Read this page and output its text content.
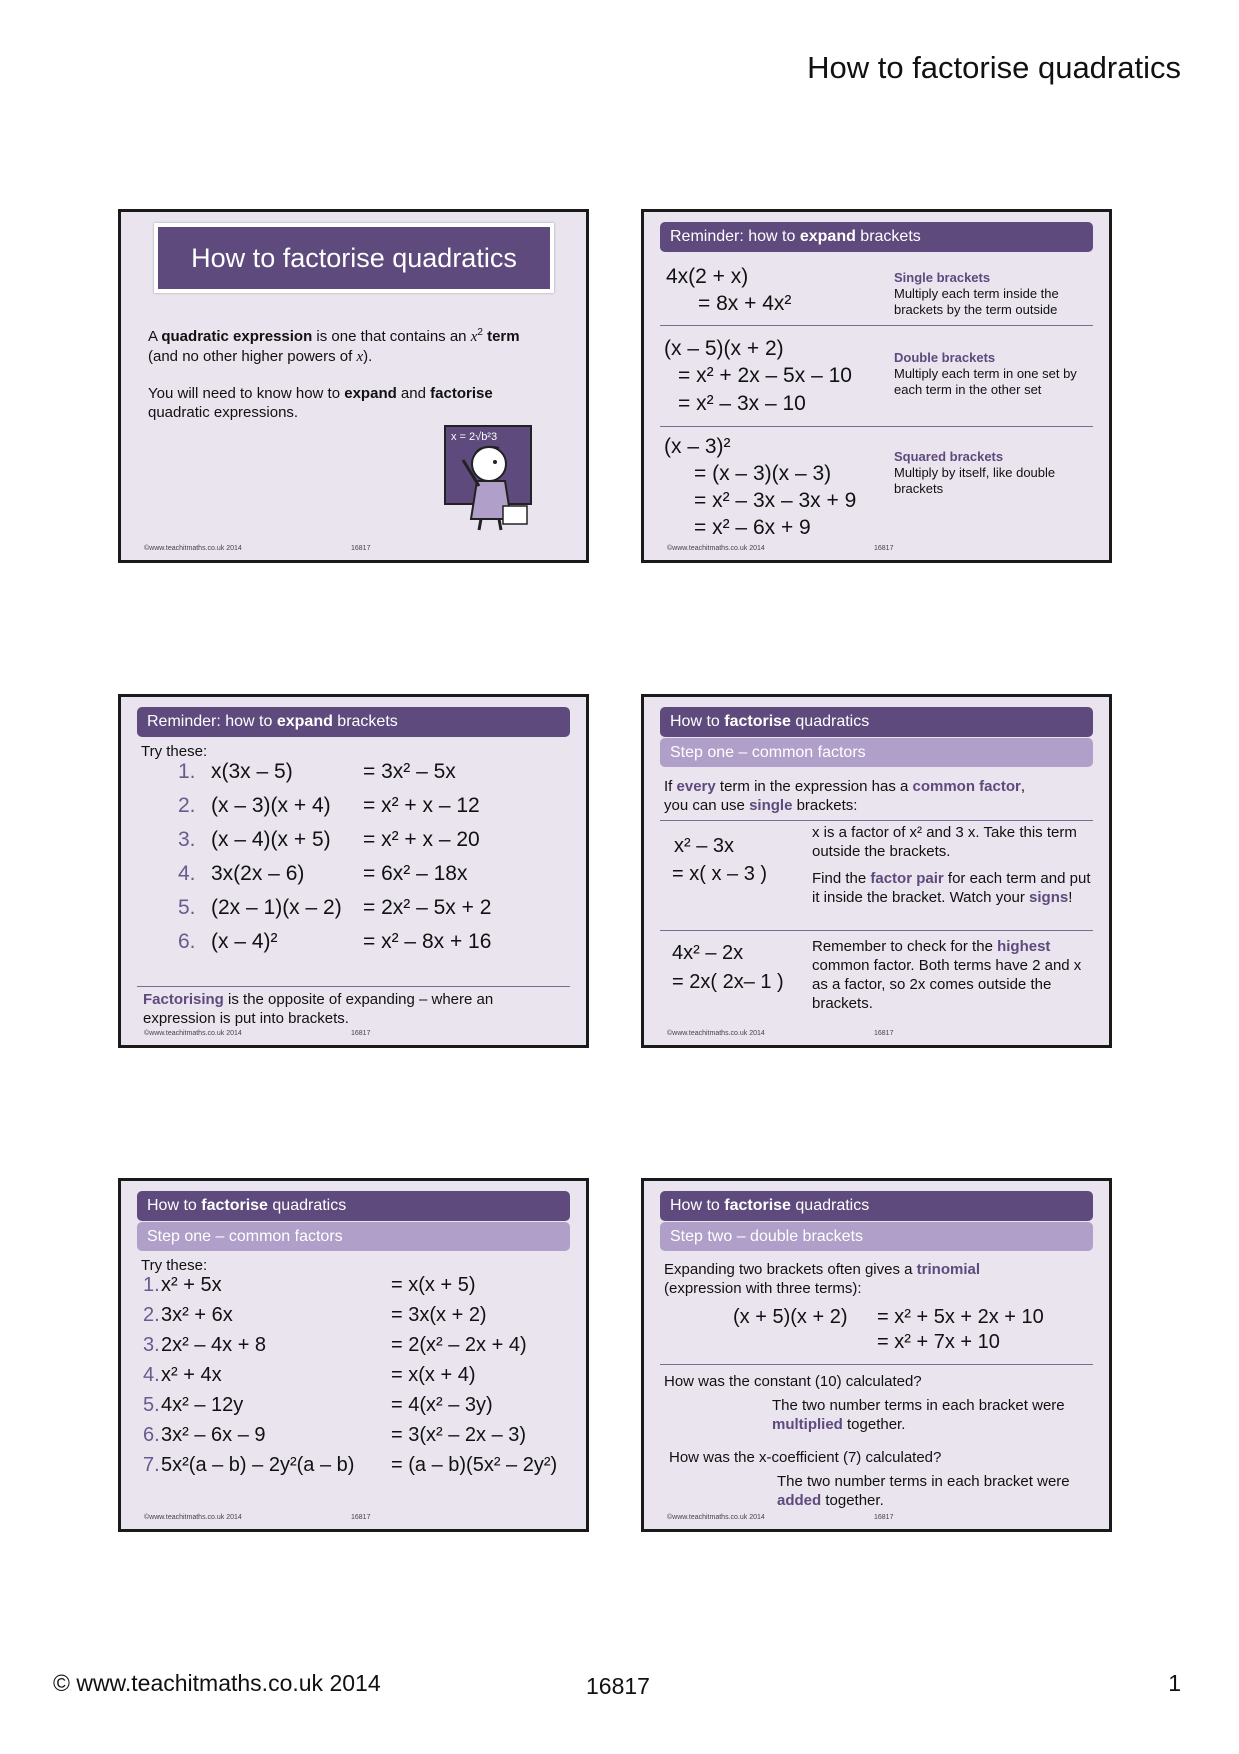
How to factorise quadratics
How to factorise quadratics
A quadratic expression is one that contains an $x^2$ term
(and no other higher powers of x).
You will need to know how to expand and factorise
quadratic expressions.
x = 2√b²3
©www.teachitmaths.co.uk 2014	16817
Reminder: how to expand brackets
4x(2 + x)
= 8x + 4x²
Single brackets
Multiply each term inside the brackets by the term outside
(x – 5)(x + 2)
= x² + 2x – 5x – 10
= x² – 3x – 10
Double brackets
Multiply each term in one set by each term in the other set
(x – 3)²
= (x – 3)(x – 3)
= x² – 3x – 3x + 9
= x² – 6x + 9
Squared brackets
Multiply by itself, like double brackets
©www.teachitmaths.co.uk 2014	16817
Reminder: how to expand brackets
Try these:
1. x(3x – 5)	= 3x² – 5x
2. (x – 3)(x + 4) = x² + x – 12
3. (x – 4)(x + 5) = x² + x – 20
4. 3x(2x – 6)	= 6x² – 18x
5. (2x – 1)(x – 2) = 2x² – 5x + 2
6. (x – 4)²	= x² – 8x + 16
Factorising is the opposite of expanding – where an expression is put into brackets.
©www.teachitmaths.co.uk 2014	16817
How to factorise quadratics
Step one – common factors
If every term in the expression has a common factor,
you can use single brackets:
x² – 3x
= x( x – 3 )
x is a factor of x² and 3 x. Take this term outside the brackets.
Find the factor pair for each term and put it inside the bracket. Watch your signs!
4x² – 2x
= 2x( 2x– 1 )
Remember to check for the highest common factor. Both terms have 2 and x as a factor, so 2x comes outside the brackets.
©www.teachitmaths.co.uk 2014	16817
How to factorise quadratics
Step one – common factors
Try these:
1. x² + 5x	= x(x + 5)
2. 3x² + 6x	= 3x(x + 2)
3. 2x² – 4x + 8	= 2(x² – 2x + 4)
4. x² + 4x	= x(x + 4)
5. 4x² – 12y	= 4(x² – 3y)
6. 3x² – 6x – 9	= 3(x² – 2x – 3)
7. 5x²(a – b) – 2y²(a – b) = (a – b)(5x² – 2y²)
©www.teachitmaths.co.uk 2014	16817
How to factorise quadratics
Step two – double brackets
Expanding two brackets often gives a trinomial
(expression with three terms):
(x + 5)(x + 2) = x² + 5x + 2x + 10
= x² + 7x + 10
How was the constant (10) calculated?
The two number terms in each bracket were multiplied together.
How was the x-coefficient (7) calculated?
The two number terms in each bracket were added together.
©www.teachitmaths.co.uk 2014	16817
© www.teachitmaths.co.uk 2014	16817	1
